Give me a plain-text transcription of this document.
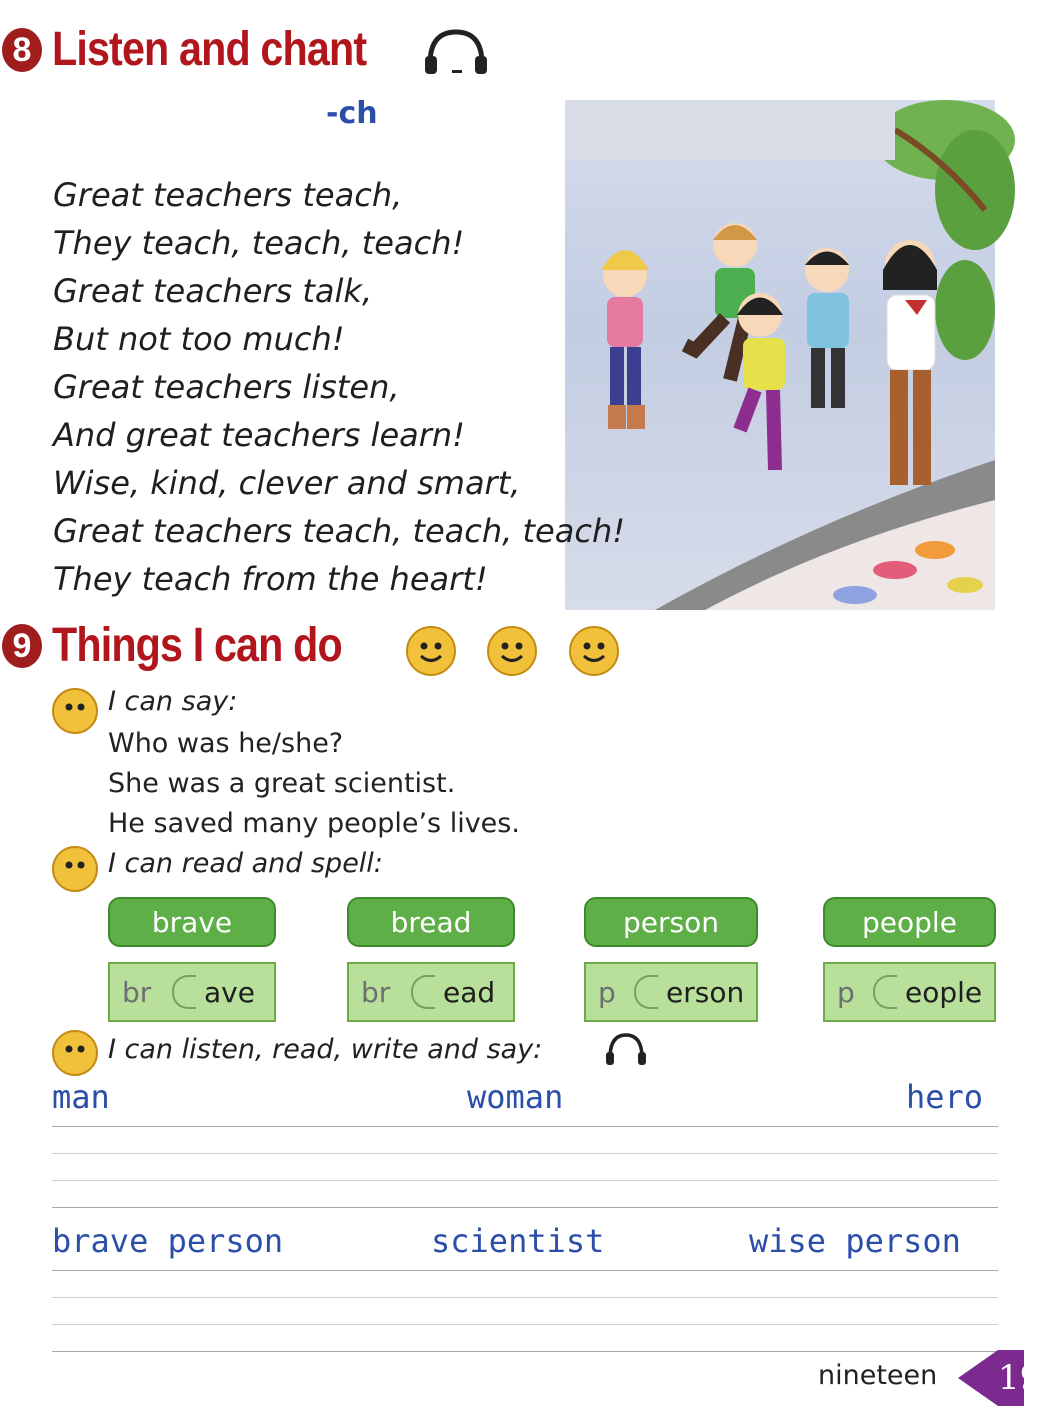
8 Listen and chant
-ch
Great teachers teach,
They teach, teach, teach!
Great teachers talk,
But not too much!
Great teachers listen,
And great teachers learn!
Wise, kind, clever and smart,
Great teachers teach, teach, teach!
They teach from the heart!
9 Things I can do
I can say:
Who was he/she?
She was a great scientist.
He saved many people’s lives.
I can read and spell:
brave	bread	person	people
br	ave	br	ead	p	erson	p	eople
I can listen, read, write and say:
man	woman	hero
brave person	scientist	wise person
nineteen 19
